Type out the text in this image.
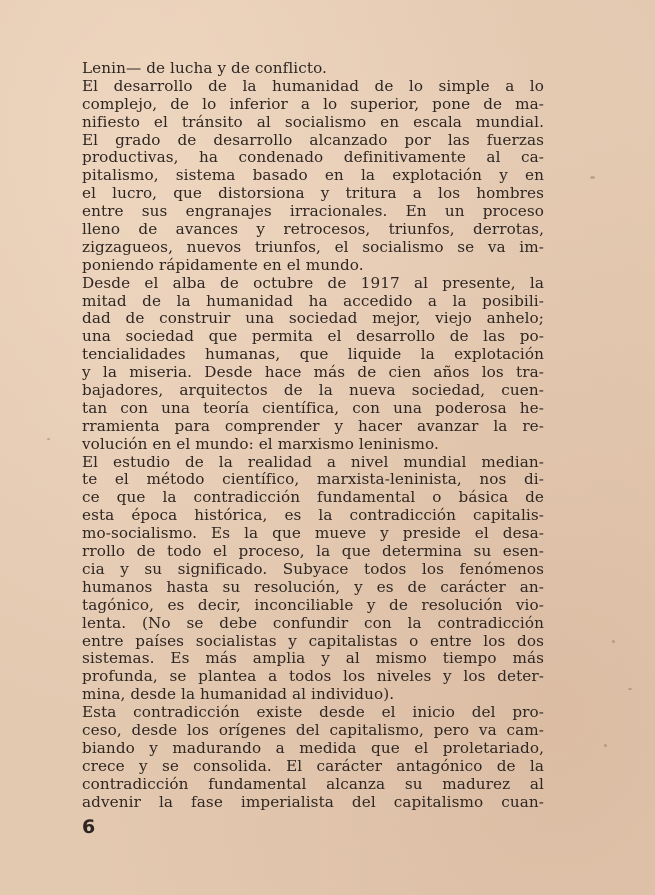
Lenin— de lucha y de conflicto.
El desarrollo de la humanidad de lo simple a lo
complejo, de lo inferior a lo superior, pone de ma-
nifiesto el tránsito al socialismo en escala mundial.
El grado de desarrollo alcanzado por las fuerzas
productivas, ha condenado definitivamente al ca-
pitalismo, sistema basado en la explotación y en
el lucro, que distorsiona y tritura a los hombres
entre sus engranajes irracionales. En un proceso
lleno de avances y retrocesos, triunfos, derrotas,
zigzagueos, nuevos triunfos, el socialismo se va im-
poniendo rápidamente en el mundo.
Desde el alba de octubre de 1917 al presente, la
mitad de la humanidad ha accedido a la posibili-
dad de construir una sociedad mejor, viejo anhelo;
una sociedad que permita el desarrollo de las po-
tencialidades humanas, que liquide la explotación
y la miseria. Desde hace más de cien años los tra-
bajadores, arquitectos de la nueva sociedad, cuen-
tan con una teoría científica, con una poderosa he-
rramienta para comprender y hacer avanzar la re-
volución en el mundo: el marxismo leninismo.
El estudio de la realidad a nivel mundial median-
te el método científico, marxista-leninista, nos di-
ce que la contradicción fundamental o básica de
esta época histórica, es la contradicción capitalis-
mo-socialismo. Es la que mueve y preside el desa-
rrollo de todo el proceso, la que determina su esen-
cia y su significado. Subyace todos los fenómenos
humanos hasta su resolución, y es de carácter an-
tagónico, es decir, inconciliable y de resolución vio-
lenta. (No se debe confundir con la contradicción
entre países socialistas y capitalistas o entre los dos
sistemas. Es más amplia y al mismo tiempo más
profunda, se plantea a todos los niveles y los deter-
mina, desde la humanidad al individuo).
Esta contradicción existe desde el inicio del pro-
ceso, desde los orígenes del capitalismo, pero va cam-
biando y madurando a medida que el proletariado,
crece y se consolida. El carácter antagónico de la
contradicción fundamental alcanza su madurez al
advenir la fase imperialista del capitalismo cuan-
6
